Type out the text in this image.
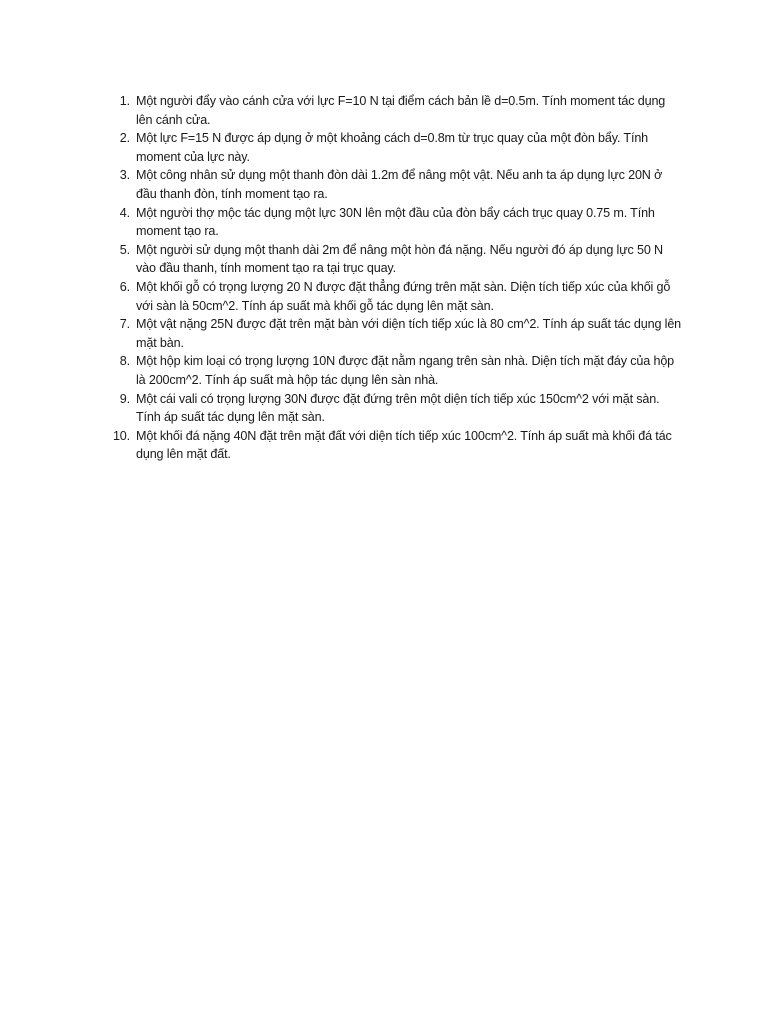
1. Một người đẩy vào cánh cửa với lực F=10 N tại điểm cách bản lề d=0.5m. Tính moment tác dụng lên cánh cửa.
2. Một lực F=15 N được áp dụng ở một khoảng cách d=0.8m từ trục quay của một đòn bẩy. Tính moment của lực này.
3. Một công nhân sử dụng một thanh đòn dài 1.2m để nâng một vật. Nếu anh ta áp dụng lực 20N ở đầu thanh đòn, tính moment tạo ra.
4. Một người thợ mộc tác dụng một lực 30N lên một đầu của đòn bẩy cách trục quay 0.75 m. Tính moment tạo ra.
5. Một người sử dụng một thanh dài 2m để nâng một hòn đá nặng. Nếu người đó áp dụng lực 50 N vào đầu thanh, tính moment tạo ra tại trục quay.
6. Một khối gỗ có trọng lượng 20 N được đặt thẳng đứng trên mặt sàn. Diện tích tiếp xúc của khối gỗ với sàn là 50cm^2. Tính áp suất mà khối gỗ tác dụng lên mặt sàn.
7. Một vật nặng 25N được đặt trên mặt bàn với diện tích tiếp xúc là 80 cm^2. Tính áp suất tác dụng lên mặt bàn.
8. Một hộp kim loại có trọng lượng 10N được đặt nằm ngang trên sàn nhà. Diện tích mặt đáy của hộp là 200cm^2. Tính áp suất mà hộp tác dụng lên sàn nhà.
9. Một cái vali có trọng lượng 30N được đặt đứng trên một diện tích tiếp xúc 150cm^2 với mặt sàn. Tính áp suất tác dụng lên mặt sàn.
10. Một khối đá nặng 40N đặt trên mặt đất với diện tích tiếp xúc 100cm^2. Tính áp suất mà khối đá tác dụng lên mặt đất.
